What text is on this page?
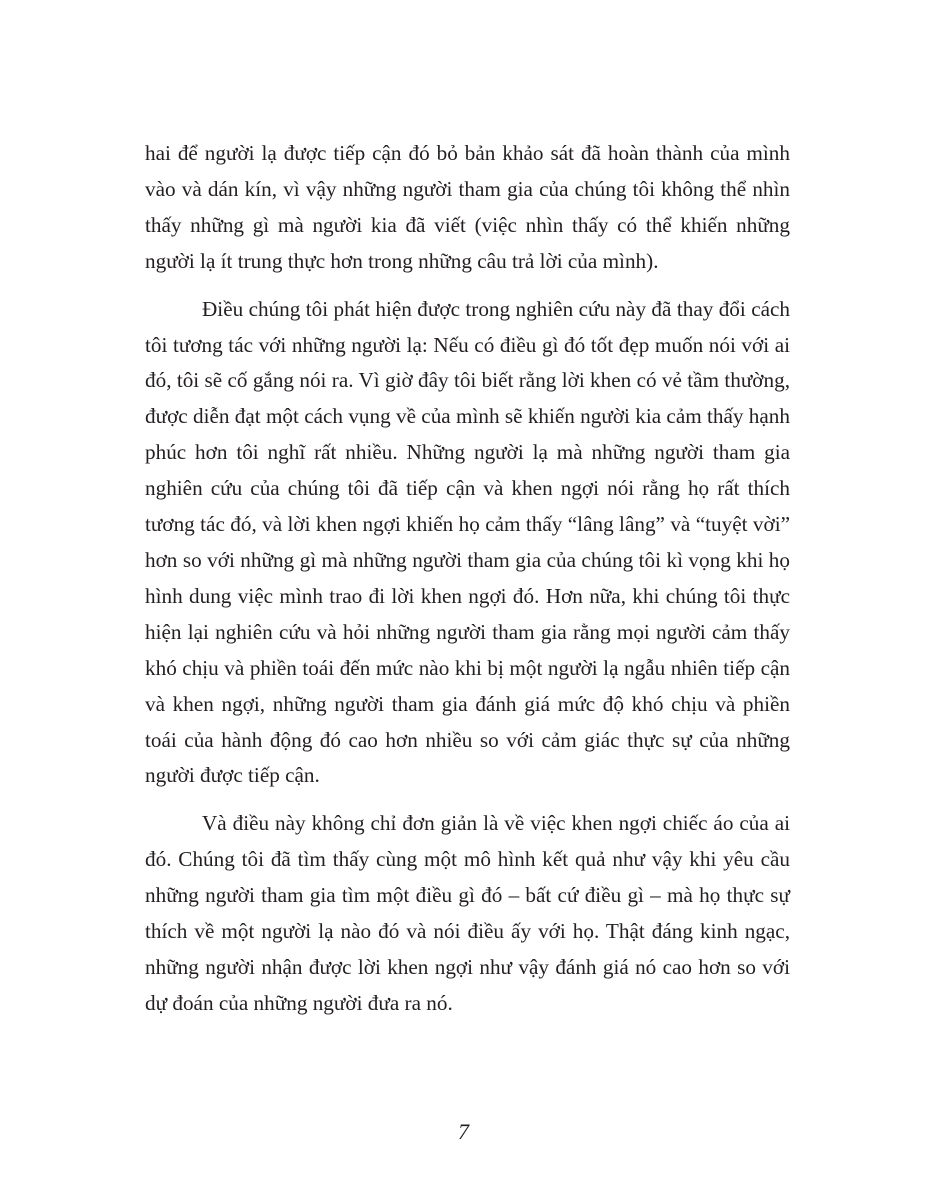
hai để người lạ được tiếp cận đó bỏ bản khảo sát đã hoàn thành của mình vào và dán kín, vì vậy những người tham gia của chúng tôi không thể nhìn thấy những gì mà người kia đã viết (việc nhìn thấy có thể khiến những người lạ ít trung thực hơn trong những câu trả lời của mình).

Điều chúng tôi phát hiện được trong nghiên cứu này đã thay đổi cách tôi tương tác với những người lạ: Nếu có điều gì đó tốt đẹp muốn nói với ai đó, tôi sẽ cố gắng nói ra. Vì giờ đây tôi biết rằng lời khen có vẻ tầm thường, được diễn đạt một cách vụng về của mình sẽ khiến người kia cảm thấy hạnh phúc hơn tôi nghĩ rất nhiều. Những người lạ mà những người tham gia nghiên cứu của chúng tôi đã tiếp cận và khen ngợi nói rằng họ rất thích tương tác đó, và lời khen ngợi khiến họ cảm thấy “lâng lâng” và “tuyệt vời” hơn so với những gì mà những người tham gia của chúng tôi kì vọng khi họ hình dung việc mình trao đi lời khen ngợi đó. Hơn nữa, khi chúng tôi thực hiện lại nghiên cứu và hỏi những người tham gia rằng mọi người cảm thấy khó chịu và phiền toái đến mức nào khi bị một người lạ ngẫu nhiên tiếp cận và khen ngợi, những người tham gia đánh giá mức độ khó chịu và phiền toái của hành động đó cao hơn nhiều so với cảm giác thực sự của những người được tiếp cận.

Và điều này không chỉ đơn giản là về việc khen ngợi chiếc áo của ai đó. Chúng tôi đã tìm thấy cùng một mô hình kết quả như vậy khi yêu cầu những người tham gia tìm một điều gì đó – bất cứ điều gì – mà họ thực sự thích về một người lạ nào đó và nói điều ấy với họ. Thật đáng kinh ngạc, những người nhận được lời khen ngợi như vậy đánh giá nó cao hơn so với dự đoán của những người đưa ra nó.

7
